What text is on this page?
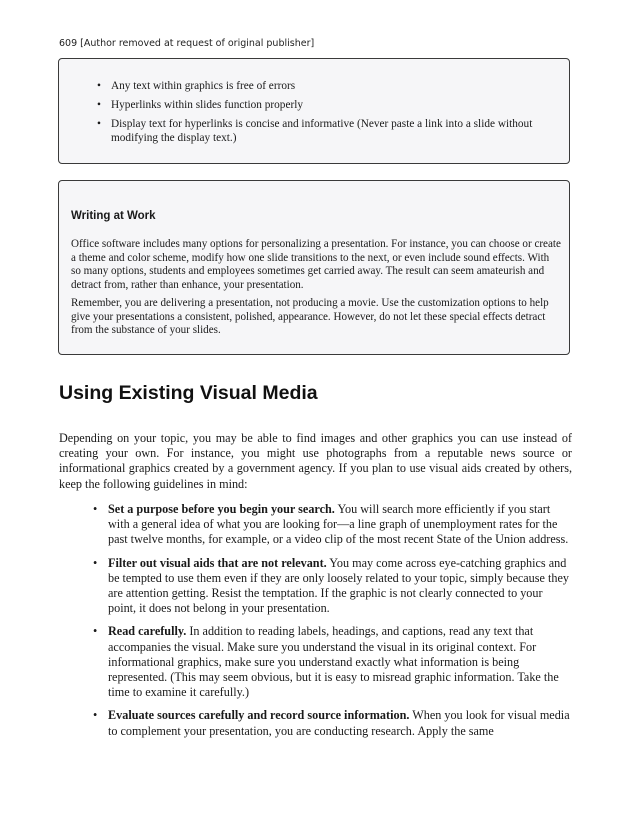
609 [Author removed at request of original publisher]
• Any text within graphics is free of errors
• Hyperlinks within slides function properly
• Display text for hyperlinks is concise and informative (Never paste a link into a slide without modifying the display text.)
Writing at Work
Office software includes many options for personalizing a presentation. For instance, you can choose or create a theme and color scheme, modify how one slide transitions to the next, or even include sound effects. With so many options, students and employees sometimes get carried away. The result can seem amateurish and detract from, rather than enhance, your presentation.
Remember, you are delivering a presentation, not producing a movie. Use the customization options to help give your presentations a consistent, polished, appearance. However, do not let these special effects detract from the substance of your slides.
Using Existing Visual Media
Depending on your topic, you may be able to find images and other graphics you can use instead of creating your own. For instance, you might use photographs from a reputable news source or informational graphics created by a government agency. If you plan to use visual aids created by others, keep the following guidelines in mind:
• Set a purpose before you begin your search. You will search more efficiently if you start with a general idea of what you are looking for—a line graph of unemployment rates for the past twelve months, for example, or a video clip of the most recent State of the Union address.
• Filter out visual aids that are not relevant. You may come across eye-catching graphics and be tempted to use them even if they are only loosely related to your topic, simply because they are attention getting. Resist the temptation. If the graphic is not clearly connected to your point, it does not belong in your presentation.
• Read carefully. In addition to reading labels, headings, and captions, read any text that accompanies the visual. Make sure you understand the visual in its original context. For informational graphics, make sure you understand exactly what information is being represented. (This may seem obvious, but it is easy to misread graphic information. Take the time to examine it carefully.)
• Evaluate sources carefully and record source information. When you look for visual media to complement your presentation, you are conducting research. Apply the same
